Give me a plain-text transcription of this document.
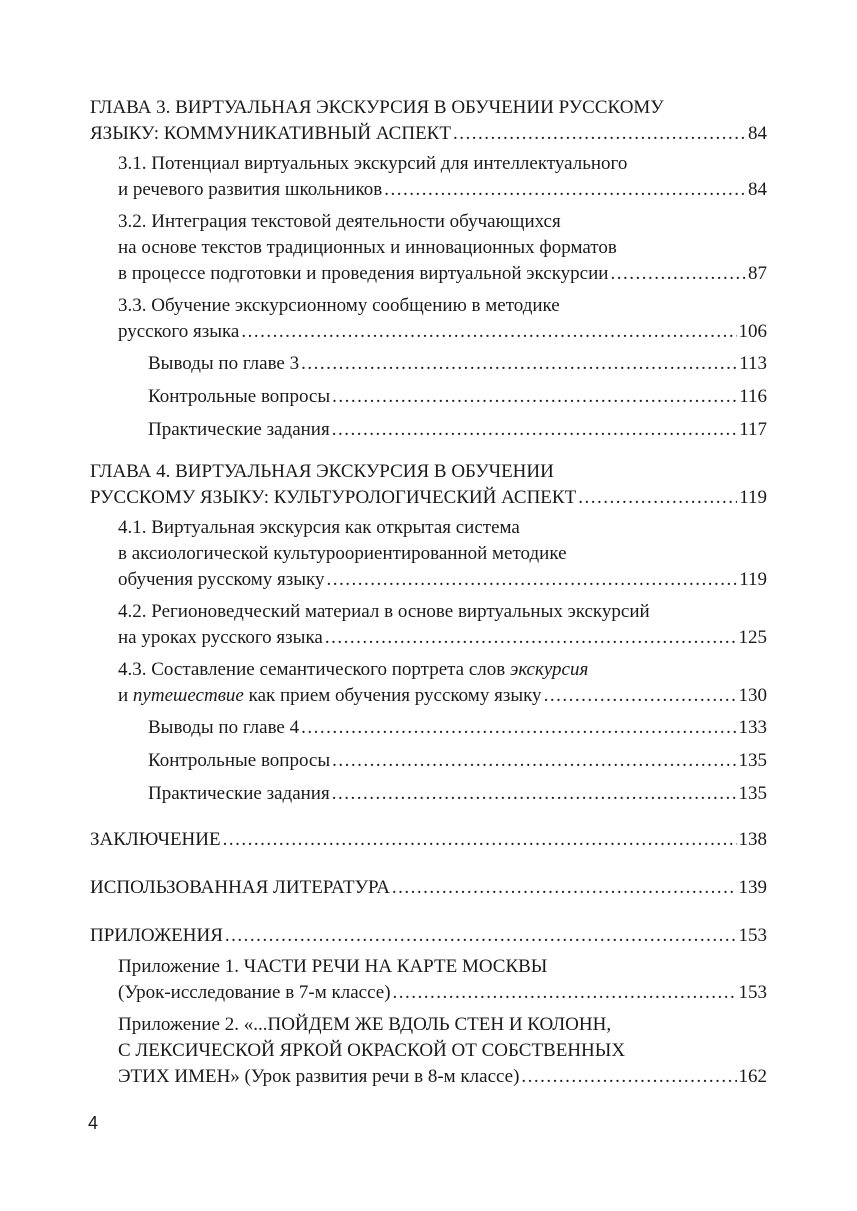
ГЛАВА 3. ВИРТУАЛЬНАЯ ЭКСКУРСИЯ В ОБУЧЕНИИ РУССКОМУ
ЯЗЫКУ: КОММУНИКАТИВНЫЙ АСПЕКТ .....	84
3.1. Потенциал виртуальных экскурсий для интеллектуального
и речевого развития школьников .....	84
3.2. Интеграция текстовой деятельности обучающихся
на основе текстов традиционных и инновационных форматов
в процессе подготовки и проведения виртуальной экскурсии .....	87
3.3. Обучение экскурсионному сообщению в методике
русского языка .....	106
Выводы по главе 3 .....	113
Контрольные вопросы .....	116
Практические задания .....	117
ГЛАВА 4. ВИРТУАЛЬНАЯ ЭКСКУРСИЯ В ОБУЧЕНИИ
РУССКОМУ ЯЗЫКУ: КУЛЬТУРОЛОГИЧЕСКИЙ АСПЕКТ .....	119
4.1. Виртуальная экскурсия как открытая система
в аксиологической культуроориентированной методике
обучения русскому языку .....	119
4.2. Регионоведческий материал в основе виртуальных экскурсий
на уроках русского языка .....	125
4.3. Составление семантического портрета слов экскурсия
и путешествие как прием обучения русскому языку .....	130
Выводы по главе 4 .....	133
Контрольные вопросы .....	135
Практические задания .....	135
ЗАКЛЮЧЕНИЕ .....	138
ИСПОЛЬЗОВАННАЯ ЛИТЕРАТУРА .....	139
ПРИЛОЖЕНИЯ .....	153
Приложение 1. ЧАСТИ РЕЧИ НА КАРТЕ МОСКВЫ
(Урок-исследование в 7-м классе) .....	153
Приложение 2. «...ПОЙДЕМ ЖЕ ВДОЛЬ СТЕН И КОЛОНН,
С ЛЕКСИЧЕСКОЙ ЯРКОЙ ОКРАСКОЙ ОТ СОБСТВЕННЫХ
ЭТИХ ИМЕН» (Урок развития речи в 8-м классе) .....	162
4
